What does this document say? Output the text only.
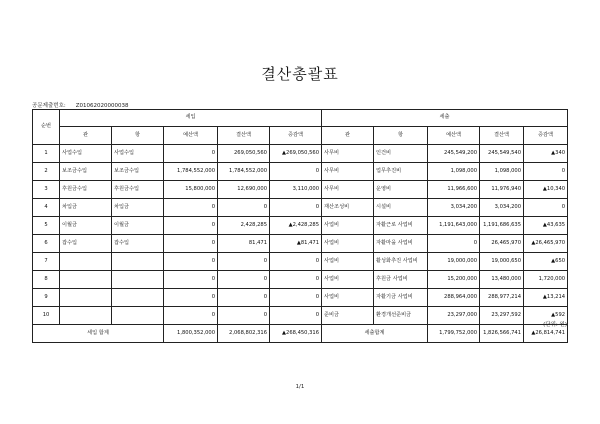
결산총괄표
공문제출번호: Z01062020000038
순번	세입					세출				
	관	항	예산액	결산액	증감액	관	항	예산액	결산액	증감액
1	사업수입	사업수입	0	269,050,560	▲269,050,560	사무비	인건비	245,549,200	245,549,540	▲340
2	보조금수입	보조금수입	1,784,552,000	1,784,552,000	0	사무비	업무추진비	1,098,000	1,098,000	0
3	후원금수입	후원금수입	15,800,000	12,690,000	3,110,000	사무비	운영비	11,966,600	11,976,940	▲10,340
4	차입금	차입금	0	0	0	재산조성비	시설비	3,034,200	3,034,200	0
5	이월금	이월금	0	2,428,285	▲2,428,285	사업비	자활근로 사업비	1,191,643,000	1,191,686,635	▲43,635
6	잡수입	잡수입	0	81,471	▲81,471	사업비	자활마을 사업비	0	26,465,970	▲26,465,970
7			0	0	0	사업비	활성화추진 사업비	19,000,000	19,000,650	▲650
8			0	0	0	사업비	후원금 사업비	15,200,000	13,480,000	1,720,000
9			0	0	0	사업비	자활기금 사업비	288,964,000	288,977,214	▲13,214
10			0	0	0	준비금	환경개선준비금	23,297,000	23,297,592	▲592
세입 합계			1,800,352,000	2,068,802,316	▲268,450,316	세출합계		1,799,752,000	1,826,566,741	▲26,814,741
(단위: 원)
1/1
